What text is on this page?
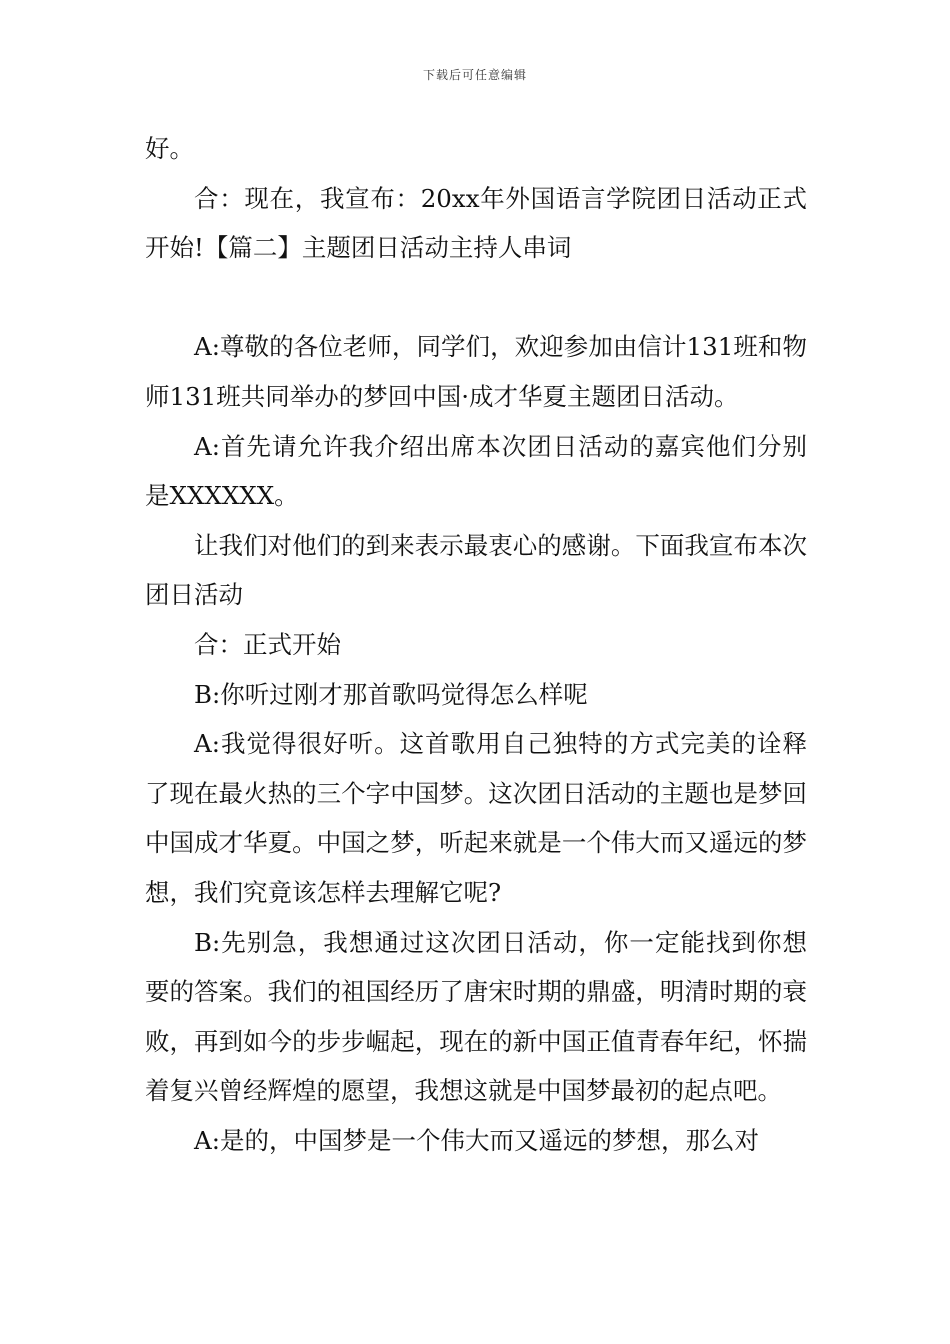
下载后可任意编辑

好。

合：现在，我宣布：20xx年外国语言学院团日活动正式开始!【篇二】主题团日活动主持人串词

A:尊敬的各位老师，同学们，欢迎参加由信计131班和物师131班共同举办的梦回中国·成才华夏主题团日活动。

A:首先请允许我介绍出席本次团日活动的嘉宾他们分别是XXXXXX。

让我们对他们的到来表示最衷心的感谢。下面我宣布本次团日活动

合：正式开始

B:你听过刚才那首歌吗觉得怎么样呢

A:我觉得很好听。这首歌用自己独特的方式完美的诠释了现在最火热的三个字中国梦。这次团日活动的主题也是梦回中国成才华夏。中国之梦，听起来就是一个伟大而又遥远的梦想，我们究竟该怎样去理解它呢?

B:先别急，我想通过这次团日活动，你一定能找到你想要的答案。我们的祖国经历了唐宋时期的鼎盛，明清时期的衰败，再到如今的步步崛起，现在的新中国正值青春年纪，怀揣着复兴曾经辉煌的愿望，我想这就是中国梦最初的起点吧。

A:是的，中国梦是一个伟大而又遥远的梦想，那么对
